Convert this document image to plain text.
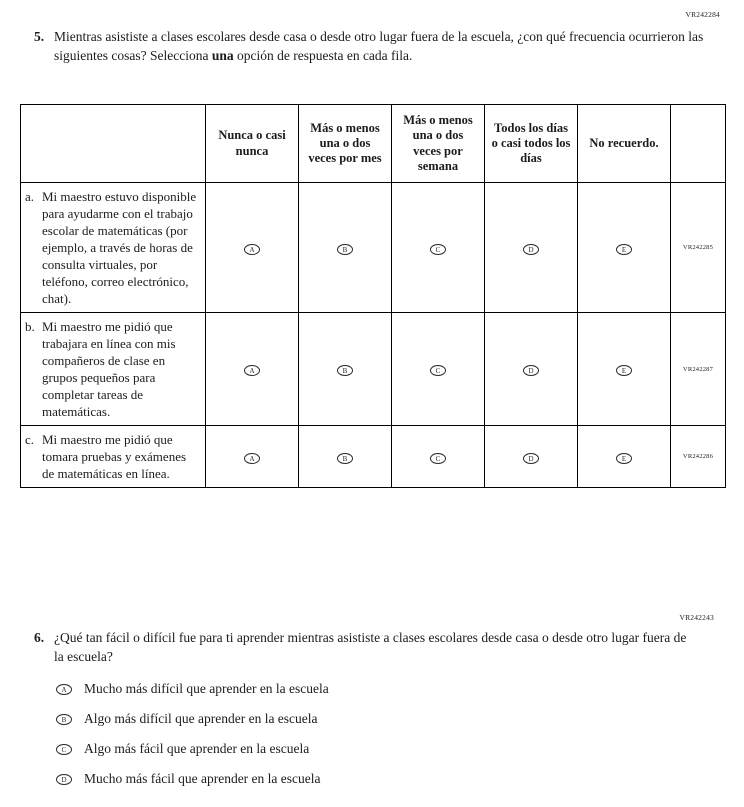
VR242284
5. Mientras asististe a clases escolares desde casa o desde otro lugar fuera de la escuela, ¿con qué frecuencia ocurrieron las siguientes cosas? Selecciona una opción de respuesta en cada fila.
	Nunca o casi nunca	Más o menos una o dos veces por mes	Más o menos una o dos veces por semana	Todos los días o casi todos los días	No recuerdo.	

a. Mi maestro estuvo disponible para ayudarme con el trabajo escolar de matemáticas (por ejemplo, a través de horas de consulta virtuales, por teléfono, correo electrónico, chat).	A	B	C	D	E	VR242285

b. Mi maestro me pidió que trabajara en línea con mis compañeros de clase en grupos pequeños para completar tareas de matemáticas.	A	B	C	D	E	VR242287

c. Mi maestro me pidió que tomara pruebas y exámenes de matemáticas en línea.	A	B	C	D	E	VR242286
VR242243
6. ¿Qué tan fácil o difícil fue para ti aprender mientras asististe a clases escolares desde casa o desde otro lugar fuera de la escuela?
A	Mucho más difícil que aprender en la escuela
B	Algo más difícil que aprender en la escuela
C	Algo más fácil que aprender en la escuela
D	Mucho más fácil que aprender en la escuela
